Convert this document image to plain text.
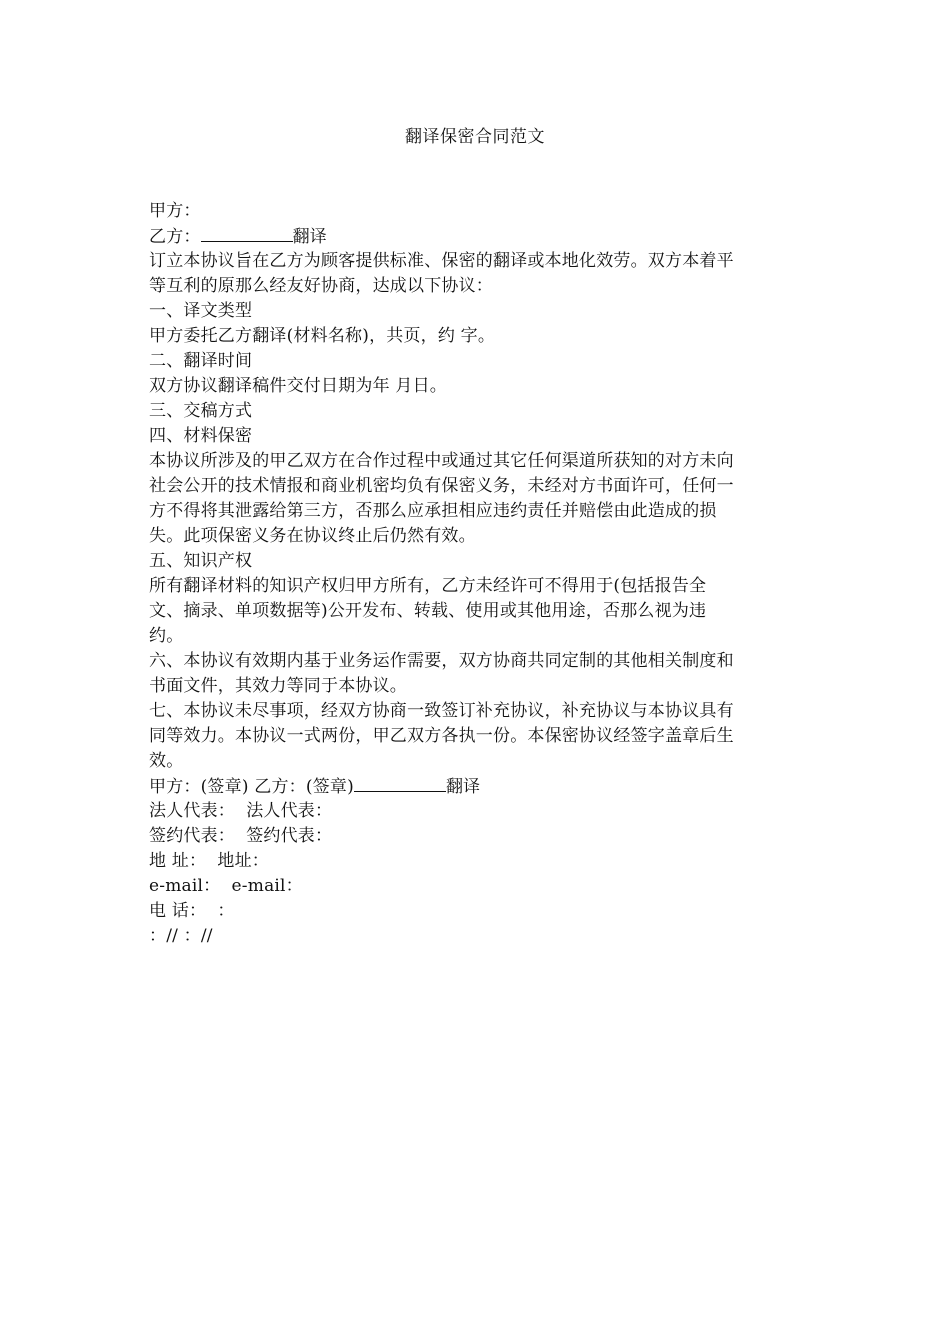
翻译保密合同范文
甲方：
乙方：	翻译
订立本协议旨在乙方为顾客提供标准、保密的翻译或本地化效劳。双方本着平
等互利的原那么经友好协商，达成以下协议：
一、译文类型
甲方委托乙方翻译(材料名称)，共页，约 字。
二、翻译时间
双方协议翻译稿件交付日期为年 月日。
三、交稿方式
四、材料保密
本协议所涉及的甲乙双方在合作过程中或通过其它任何渠道所获知的对方未向
社会公开的技术情报和商业机密均负有保密义务，未经对方书面许可，任何一
方不得将其泄露给第三方，否那么应承担相应违约责任并赔偿由此造成的损
失。此项保密义务在协议终止后仍然有效。
五、知识产权
所有翻译材料的知识产权归甲方所有，乙方未经许可不得用于(包括报告全
文、摘录、单项数据等)公开发布、转载、使用或其他用途，否那么视为违
约。
六、本协议有效期内基于业务运作需要，双方协商共同定制的其他相关制度和
书面文件，其效力等同于本协议。
七、本协议未尽事项，经双方协商一致签订补充协议，补充协议与本协议具有
同等效力。本协议一式两份，甲乙双方各执一份。本保密协议经签字盖章后生
效。
甲方：(签章) 乙方：(签章)	翻译
法人代表：  法人代表：
签约代表：  签约代表：
地 址：  地址：
e-mail：  e-mail：
电 话：  ：
：// ：//
